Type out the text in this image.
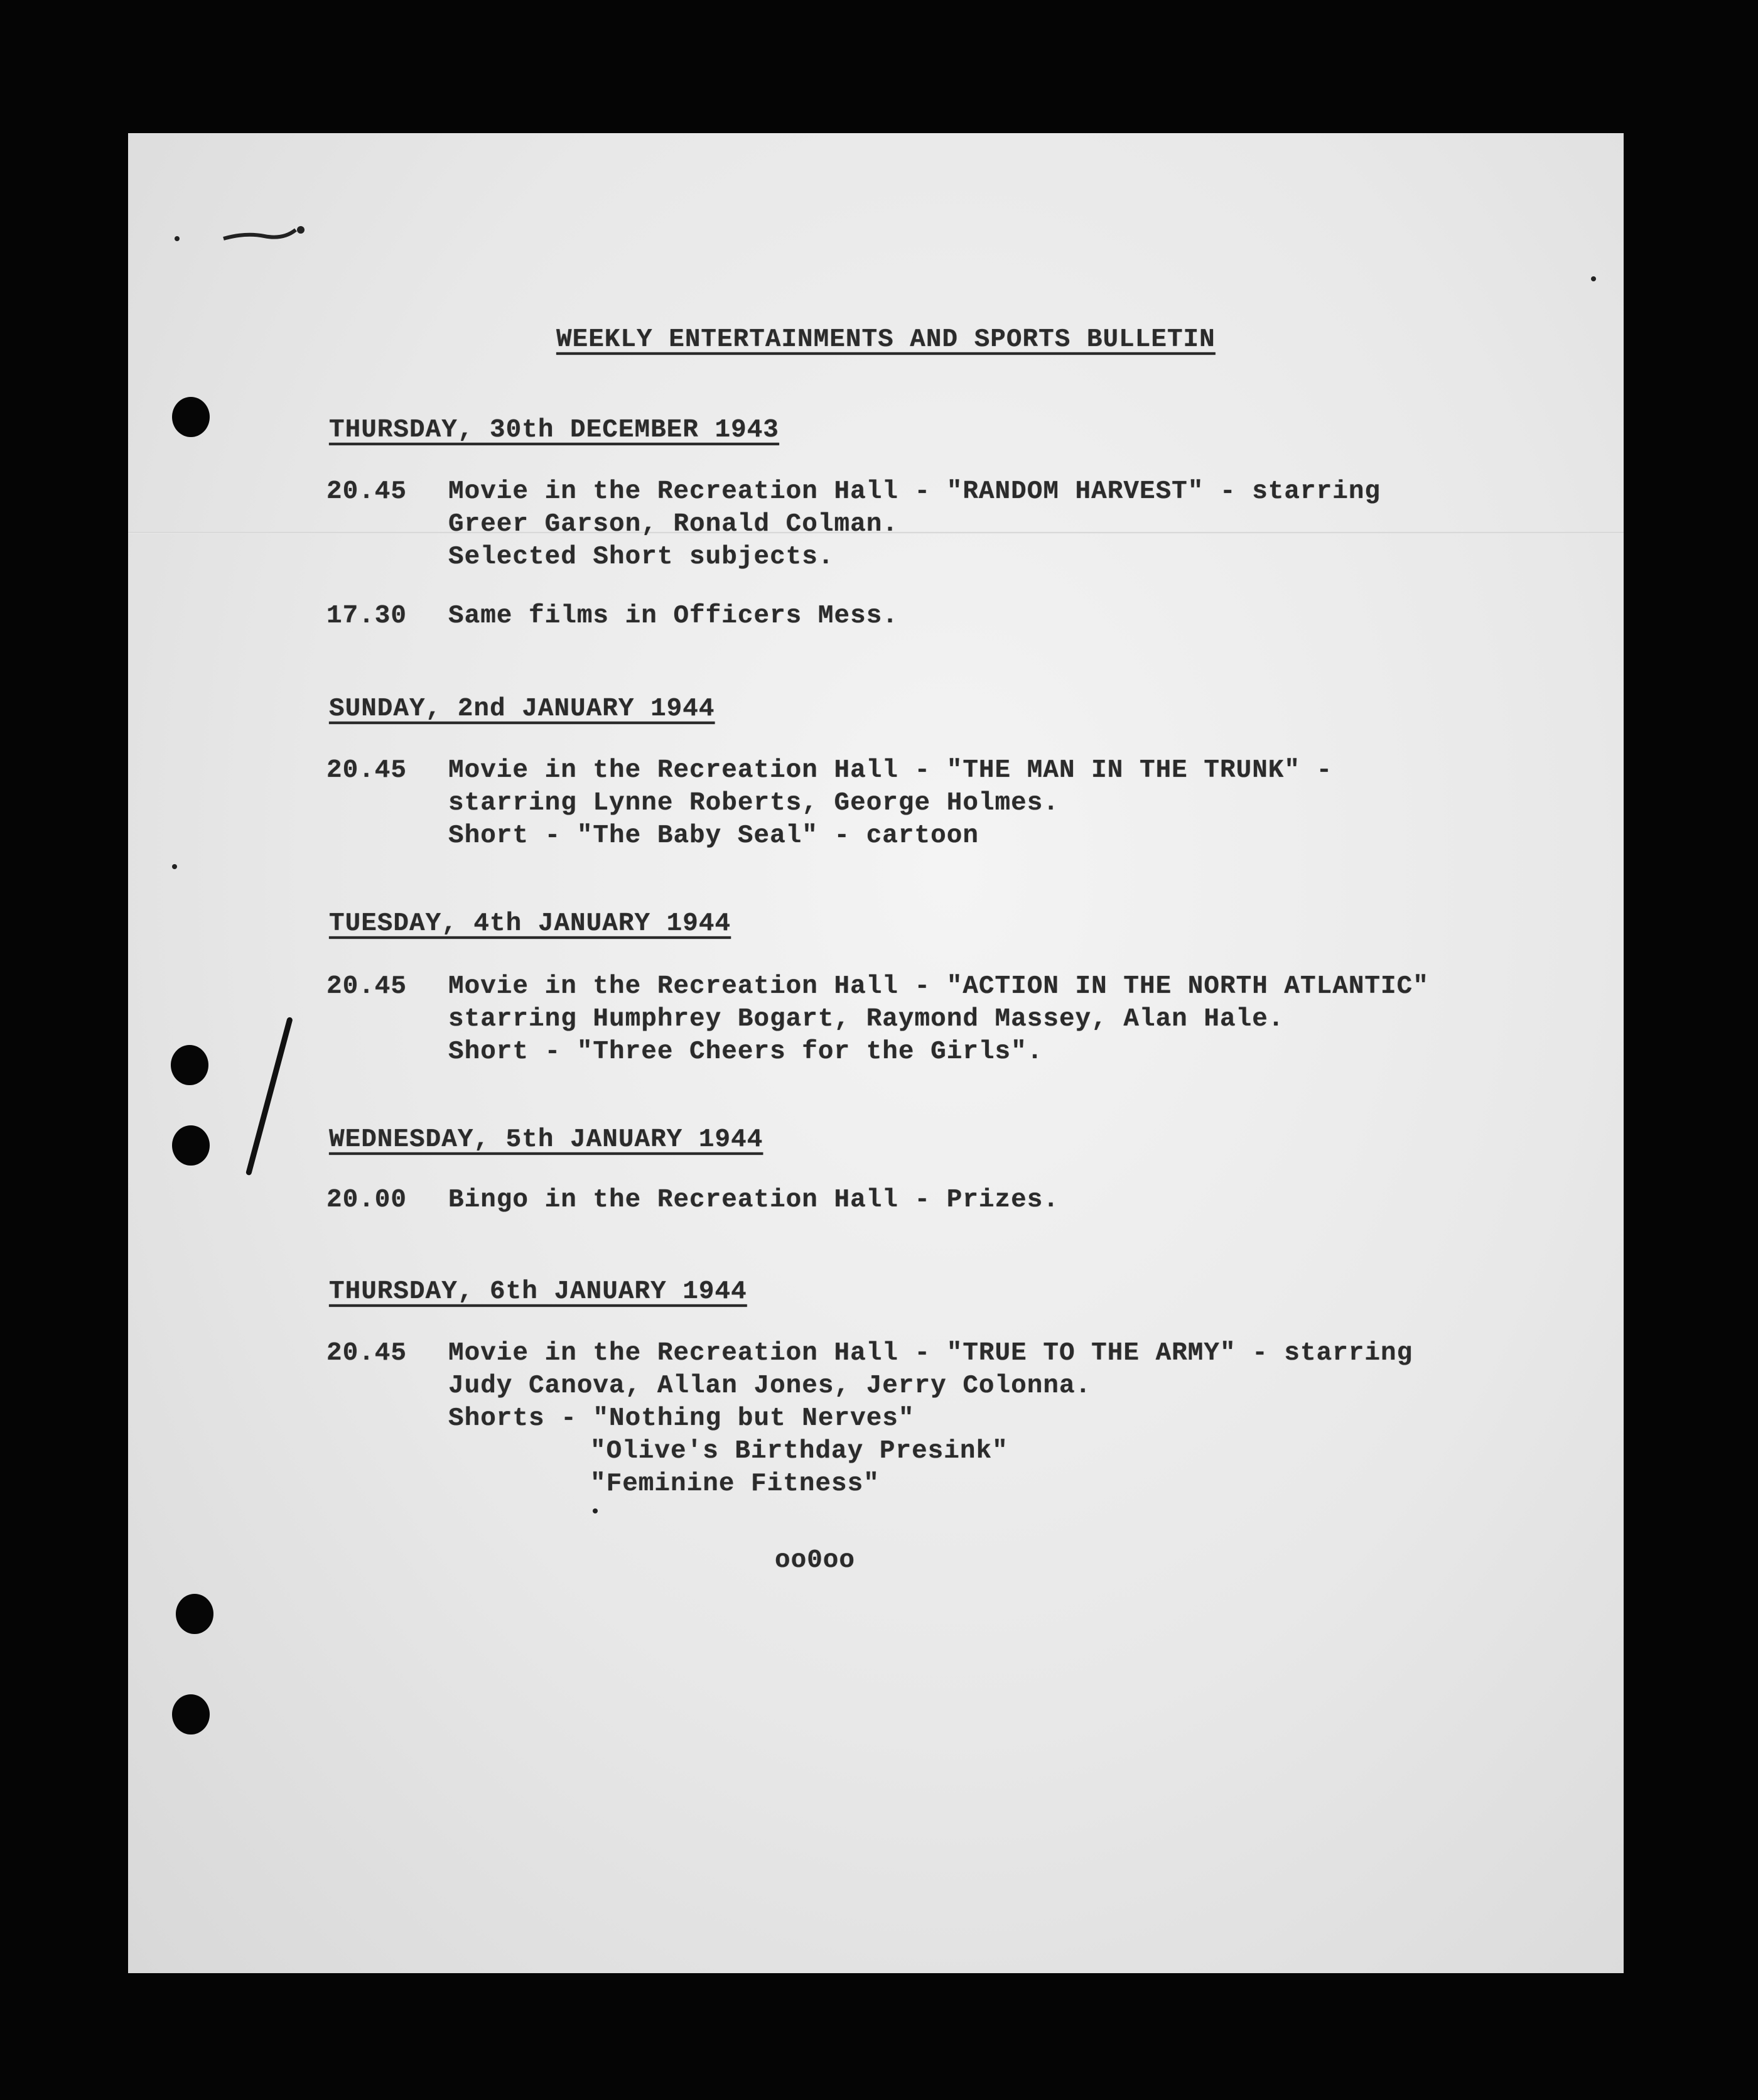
WEEKLY ENTERTAINMENTS AND SPORTS BULLETIN
THURSDAY, 30th DECEMBER 1943
20.45 Movie in the Recreation Hall - "RANDOM HARVEST" - starring
Greer Garson, Ronald Colman.
Selected Short subjects.
17.30 Same films in Officers Mess.
SUNDAY, 2nd JANUARY 1944
20.45 Movie in the Recreation Hall - "THE MAN IN THE TRUNK" -
starring Lynne Roberts, George Holmes.
Short - "The Baby Seal" - cartoon
TUESDAY, 4th JANUARY 1944
20.45 Movie in the Recreation Hall - "ACTION IN THE NORTH ATLANTIC"
starring Humphrey Bogart, Raymond Massey, Alan Hale.
Short - "Three Cheers for the Girls".
WEDNESDAY, 5th JANUARY 1944
20.00 Bingo in the Recreation Hall - Prizes.
THURSDAY, 6th JANUARY 1944
20.45 Movie in the Recreation Hall - "TRUE TO THE ARMY" - starring
Judy Canova, Allan Jones, Jerry Colonna.
Shorts - "Nothing but Nerves"
"Olive's Birthday Presink"
"Feminine Fitness"
oo0oo
